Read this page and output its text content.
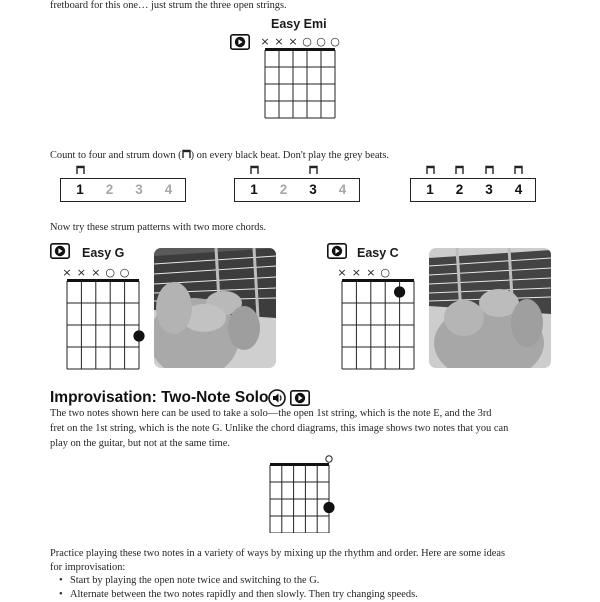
fretboard for this one… just strum the three open strings.
Easy Emi
× × × ○ ○ ○
Count to four and strum down ( ) on every black beat. Don't play the grey beats.
1 2 3 4	1 2 3 4	1 2 3 4
Now try these strum patterns with two more chords.
Easy G
× × × ○ ○
Easy C
× × × ○
Improvisation: Two-Note Solo
The two notes shown here can be used to take a solo—the open 1st string, which is the note E, and the 3rd
fret on the 1st string, which is the note G. Unlike the chord diagrams, this image shows two notes that you can
play on the guitar, but not at the same time.
Practice playing these two notes in a variety of ways by mixing up the rhythm and order. Here are some ideas
for improvisation:
• Start by playing the open note twice and switching to the G.
• Alternate between the two notes rapidly and then slowly. Then try changing speeds.
